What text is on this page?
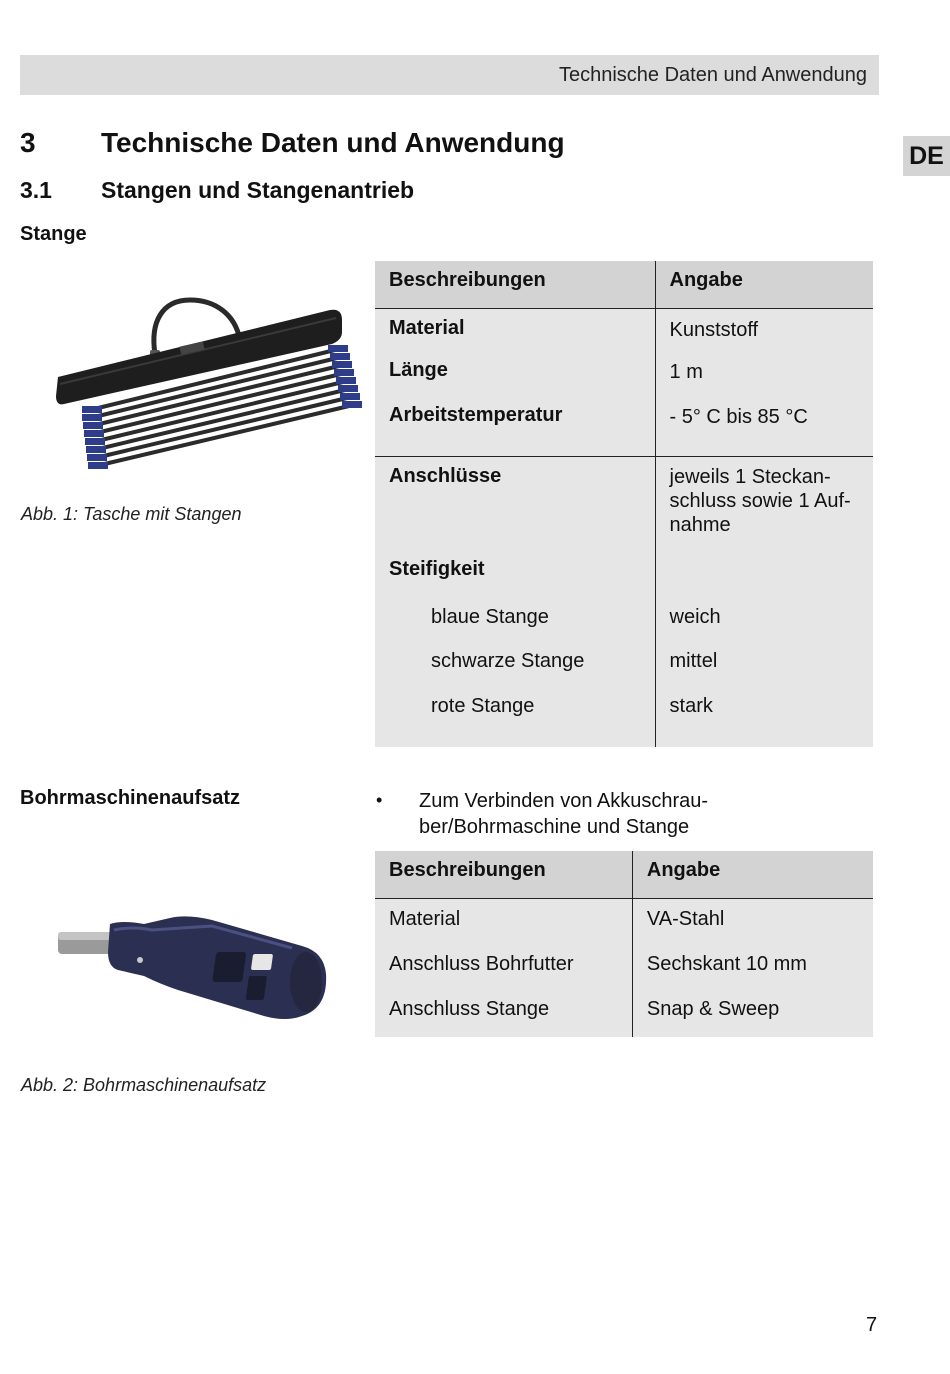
Technische Daten und Anwendung
DE
3 Technische Daten und Anwendung
3.1 Stangen und Stangenantrieb
Stange
Abb. 1: Tasche mit Stangen
Beschreibungen	Angabe
Material	Kunststoff
Länge	1 m
Arbeitstemperatur	- 5° C bis 85 °C
Anschlüsse	jeweils 1 Steckan-
schluss sowie 1 Auf-
nahme

Steifigkeit	
blaue Stange	weich
schwarze Stange	mittel
rote Stange	stark
Bohrmaschinenaufsatz	• Zum Verbinden von Akkuschrau-
ber/Bohrmaschine und Stange
Abb. 2: Bohrmaschinenaufsatz
Beschreibungen	Angabe
Material	VA-Stahl
Anschluss Bohrfutter	Sechskant 10 mm
Anschluss Stange	Snap & Sweep
7
